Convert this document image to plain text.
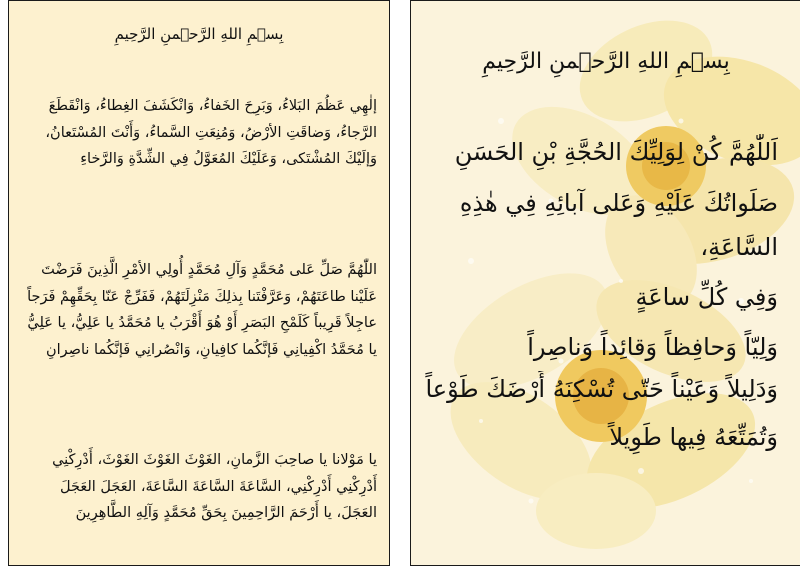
بِسۡمِ اللهِ الرَّحۡمنِ الرَّحِيمِ
إلٰهِي عَظُمَ البَلاءُ، وَبَرِحَ الخَفاءُ، وَانْكَشَفَ الغِطاءُ، وَانْقَطَعَ الرَّجاءُ، وَضاقَتِ الأرْضُ، وَمُنِعَتِ السَّماءُ، وَأَنْتَ المُسْتَعانُ، وَإلَيْكَ المُشْتَكى، وَعَلَيْكَ المُعَوَّلُ فِي الشِّدَّةِ وَالرَّخاءِ
اللّٰهُمَّ صَلِّ عَلى مُحَمَّدٍ وَآلِ مُحَمَّدٍ أُولِي الأمْرِ الَّذِينَ فَرَضْتَ عَلَيْنا طاعَتَهُمْ، وَعَرَّفْتَنا بِذلِكَ مَنْزِلَتَهُمْ، فَفَرِّجْ عَنّا بِحَقِّهِمْ فَرَجاً عاجِلاً قَرِيباً كَلَمْحِ البَصَرِ أَوْ هُوَ أَقْرَبُ يا مُحَمَّدُ يا عَلِيُّ، يا عَلِيُّ يا مُحَمَّدُ اكْفِيانِي فَإنَّكُما كافِيانِ، وَانْصُرانِي فَإنَّكُما ناصِرانِ
يا مَوْلانا يا صاحِبَ الزَّمانِ، الغَوْثَ الغَوْثَ الغَوْثَ، أَدْرِكْنِي أَدْرِكْنِي أَدْرِكْنِي، السَّاعَةَ السَّاعَةَ السَّاعَةَ، العَجَلَ العَجَلَ العَجَلَ، يا أَرْحَمَ الرَّاحِمِينَ بِحَقِّ مُحَمَّدٍ وَآلِهِ الطَّاهِرِينَ
بِسۡمِ اللهِ الرَّحۡمنِ الرَّحِيمِ
اَللّٰهُمَّ كُنْ لِوَلِيِّكَ الحُجَّةِ بْنِ الحَسَنِ
صَلَواتُكَ عَلَيْهِ وَعَلى آبائِهِ فِي هٰذِهِ
السَّاعَةِ،
وَفِي كُلِّ ساعَةٍ
وَلِيّاً وَحافِظاً وَقائِداً وَناصِراً
وَدَلِيلاً وَعَيْناً حَتّى تُسْكِنَهُ أَرْضَكَ طَوْعاً
وَتُمَتِّعَهُ فِيها طَوِيلاً
